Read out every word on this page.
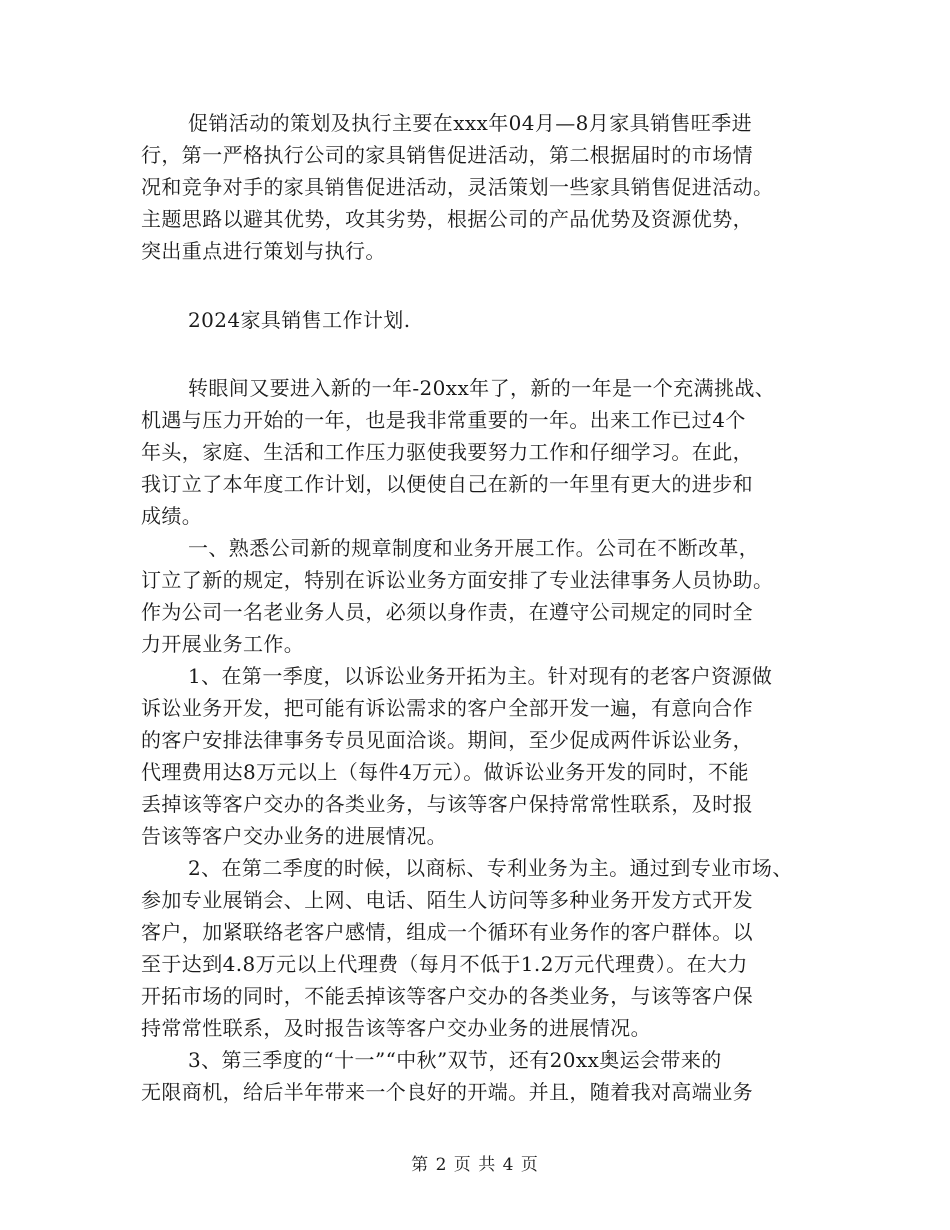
促销活动的策划及执行主要在xxx年04月—8月家具销售旺季进
行，第一严格执行公司的家具销售促进活动，第二根据届时的市场情
况和竞争对手的家具销售促进活动，灵活策划一些家具销售促进活动。
主题思路以避其优势，攻其劣势，根据公司的产品优势及资源优势，
突出重点进行策划与执行。
2024家具销售工作计划.
转眼间又要进入新的一年-20xx年了，新的一年是一个充满挑战、
机遇与压力开始的一年，也是我非常重要的一年。出来工作已过4个
年头，家庭、生活和工作压力驱使我要努力工作和仔细学习。在此，
我订立了本年度工作计划，以便使自己在新的一年里有更大的进步和
成绩。
一、熟悉公司新的规章制度和业务开展工作。公司在不断改革，
订立了新的规定，特别在诉讼业务方面安排了专业法律事务人员协助。
作为公司一名老业务人员，必须以身作责，在遵守公司规定的同时全
力开展业务工作。
1、在第一季度，以诉讼业务开拓为主。针对现有的老客户资源做
诉讼业务开发，把可能有诉讼需求的客户全部开发一遍，有意向合作
的客户安排法律事务专员见面洽谈。期间，至少促成两件诉讼业务，
代理费用达8万元以上（每件4万元）。做诉讼业务开发的同时，不能
丢掉该等客户交办的各类业务，与该等客户保持常常性联系，及时报
告该等客户交办业务的进展情况。
2、在第二季度的时候，以商标、专利业务为主。通过到专业市场、
参加专业展销会、上网、电话、陌生人访问等多种业务开发方式开发
客户，加紧联络老客户感情，组成一个循环有业务作的客户群体。以
至于达到4.8万元以上代理费（每月不低于1.2万元代理费）。在大力
开拓市场的同时，不能丢掉该等客户交办的各类业务，与该等客户保
持常常性联系，及时报告该等客户交办业务的进展情况。
3、第三季度的“十一”“中秋”双节，还有20xx奥运会带来的
无限商机，给后半年带来一个良好的开端。并且，随着我对高端业务
第 2 页 共 4 页
